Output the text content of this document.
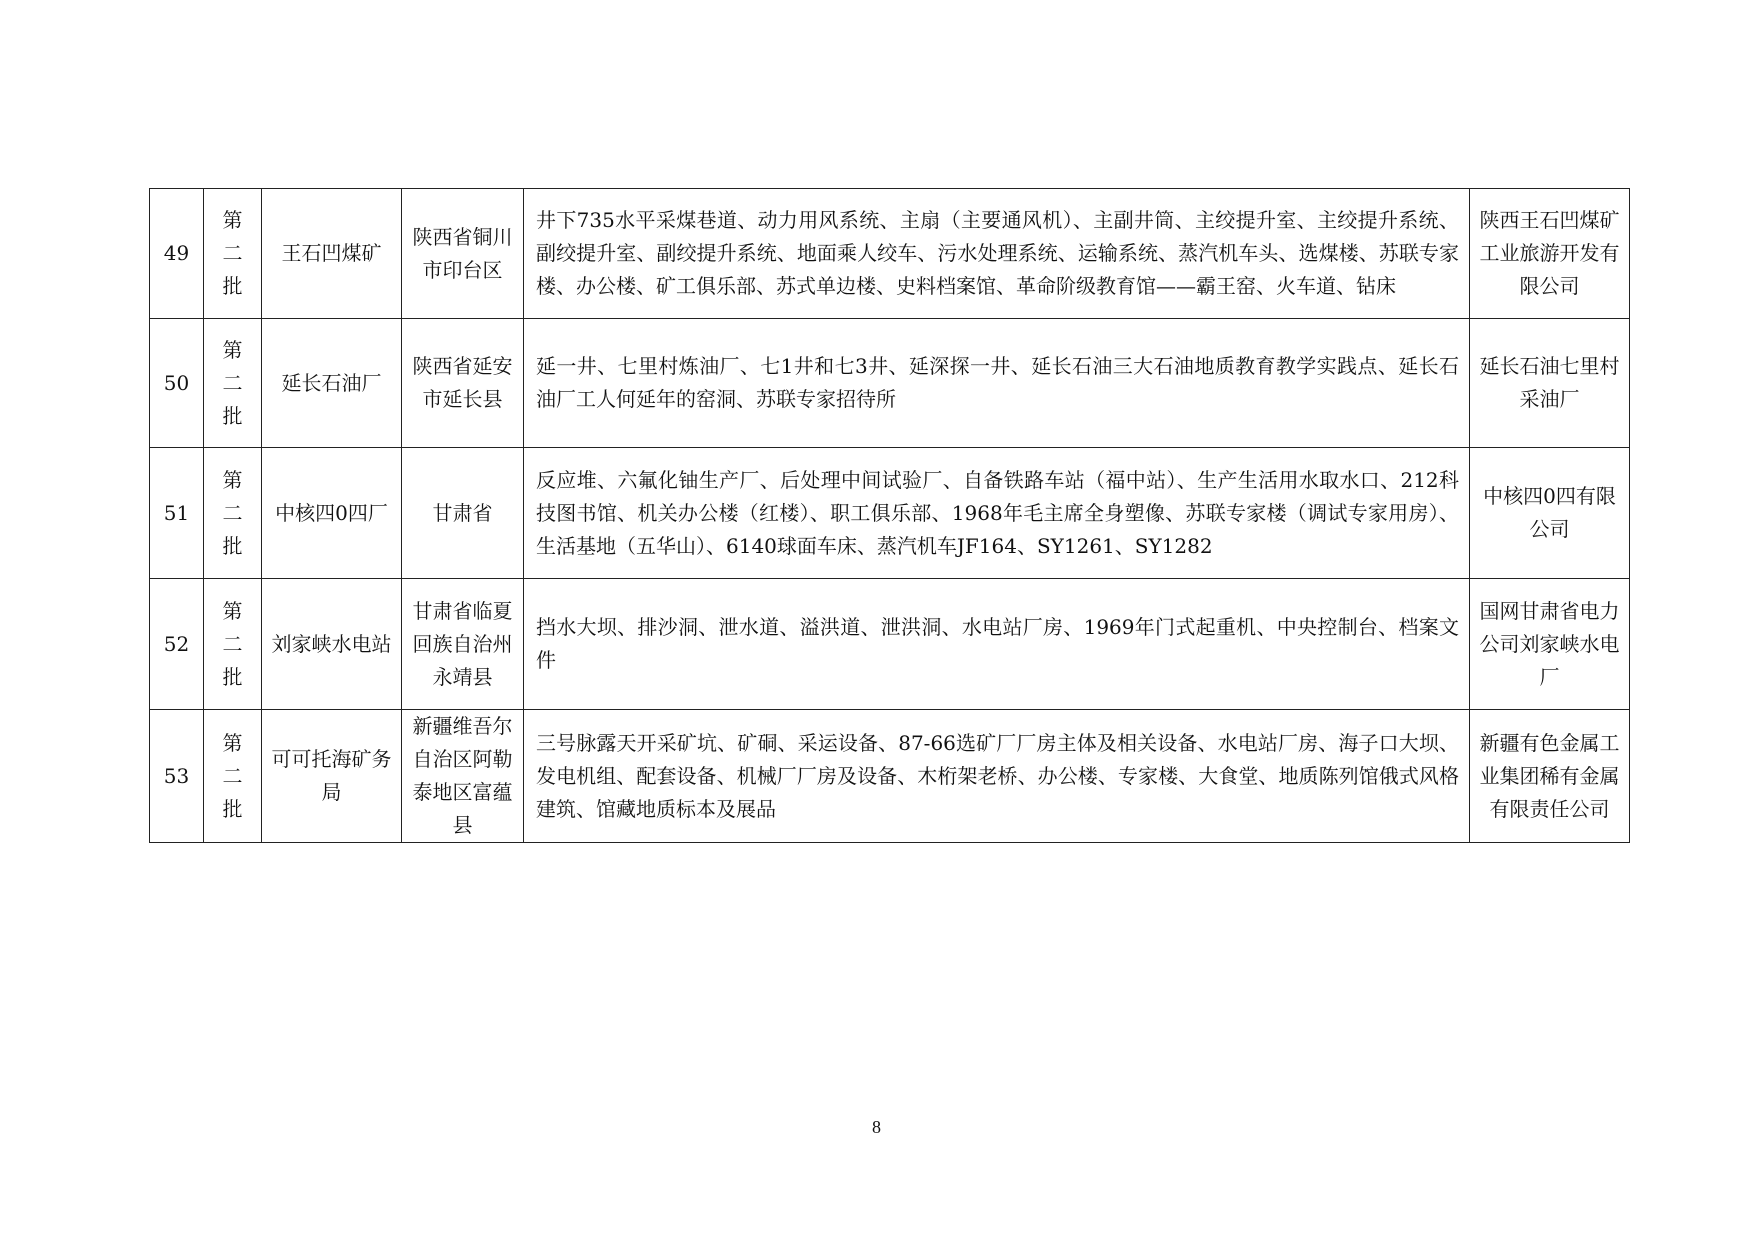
49	第二批	王石凹煤矿	陕西省铜川市印台区	井下735水平采煤巷道、动力用风系统、主扇（主要通风机）、主副井筒、主绞提升室、主绞提升系统、副绞提升室、副绞提升系统、地面乘人绞车、污水处理系统、运输系统、蒸汽机车头、选煤楼、苏联专家楼、办公楼、矿工俱乐部、苏式单边楼、史料档案馆、革命阶级教育馆——霸王窑、火车道、钻床	陕西王石凹煤矿工业旅游开发有限公司
50	第二批	延长石油厂	陕西省延安市延长县	延一井、七里村炼油厂、七1井和七3井、延深探一井、延长石油三大石油地质教育教学实践点、延长石油厂工人何延年的窑洞、苏联专家招待所	延长石油七里村采油厂
51	第二批	中核四0四厂	甘肃省	反应堆、六氟化铀生产厂、后处理中间试验厂、自备铁路车站（福中站）、生产生活用水取水口、212科技图书馆、机关办公楼（红楼）、职工俱乐部、1968年毛主席全身塑像、苏联专家楼（调试专家用房）、生活基地（五华山）、6140球面车床、蒸汽机车JF164、SY1261、SY1282	中核四0四有限公司
52	第二批	刘家峡水电站	甘肃省临夏回族自治州永靖县	挡水大坝、排沙洞、泄水道、溢洪道、泄洪洞、水电站厂房、1969年门式起重机、中央控制台、档案文件	国网甘肃省电力公司刘家峡水电厂
53	第二批	可可托海矿务局	新疆维吾尔自治区阿勒泰地区富蕴县	三号脉露天开采矿坑、矿硐、采运设备、87-66选矿厂厂房主体及相关设备、水电站厂房、海子口大坝、发电机组、配套设备、机械厂厂房及设备、木桁架老桥、办公楼、专家楼、大食堂、地质陈列馆俄式风格建筑、馆藏地质标本及展品	新疆有色金属工业集团稀有金属有限责任公司
8
